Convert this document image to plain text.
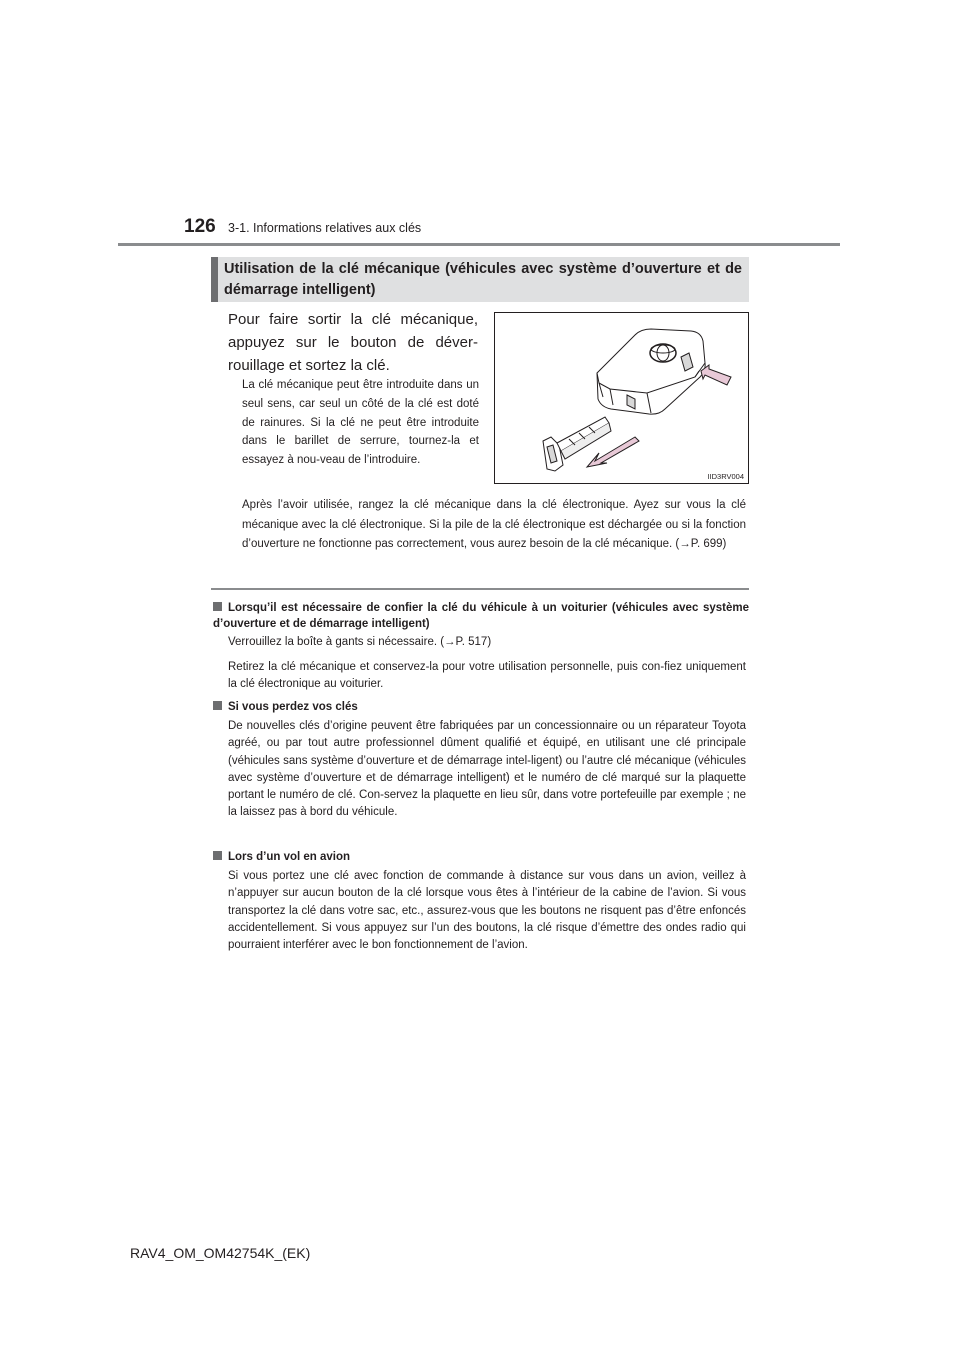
126 3-1. Informations relatives aux clés
Utilisation de la clé mécanique (véhicules avec système d’ouverture et de démarrage intelligent)
Pour faire sortir la clé mécanique, appuyez sur le bouton de déver-rouillage et sortez la clé.
La clé mécanique peut être introduite dans un seul sens, car seul un côté de la clé est doté de rainures. Si la clé ne peut être introduite dans le barillet de serrure, tournez-la et essayez à nou-veau de l’introduire.
IID3RV004
Après l’avoir utilisée, rangez la clé mécanique dans la clé électronique. Ayez sur vous la clé mécanique avec la clé électronique. Si la pile de la clé électronique est déchargée ou si la fonction d’ouverture ne fonctionne pas correctement, vous aurez besoin de la clé mécanique. (→P. 699)
Lorsqu’il est nécessaire de confier la clé du véhicule à un voiturier (véhicules avec système d’ouverture et de démarrage intelligent)
Verrouillez la boîte à gants si nécessaire. (→P. 517)
Retirez la clé mécanique et conservez-la pour votre utilisation personnelle, puis con-fiez uniquement la clé électronique au voiturier.
Si vous perdez vos clés
De nouvelles clés d’origine peuvent être fabriquées par un concessionnaire ou un réparateur Toyota agréé, ou par tout autre professionnel dûment qualifié et équipé, en utilisant une clé principale (véhicules sans système d’ouverture et de démarrage intel-ligent) ou l’autre clé mécanique (véhicules avec système d’ouverture et de démarrage intelligent) et le numéro de clé marqué sur la plaquette portant le numéro de clé. Con-servez la plaquette en lieu sûr, dans votre portefeuille par exemple ; ne la laissez pas à bord du véhicule.
Lors d’un vol en avion
Si vous portez une clé avec fonction de commande à distance sur vous dans un avion, veillez à n’appuyer sur aucun bouton de la clé lorsque vous êtes à l’intérieur de la cabine de l’avion. Si vous transportez la clé dans votre sac, etc., assurez-vous que les boutons ne risquent pas d’être enfoncés accidentellement. Si vous appuyez sur l’un des boutons, la clé risque d’émettre des ondes radio qui pourraient interférer avec le bon fonctionnement de l’avion.
RAV4_OM_OM42754K_(EK)
